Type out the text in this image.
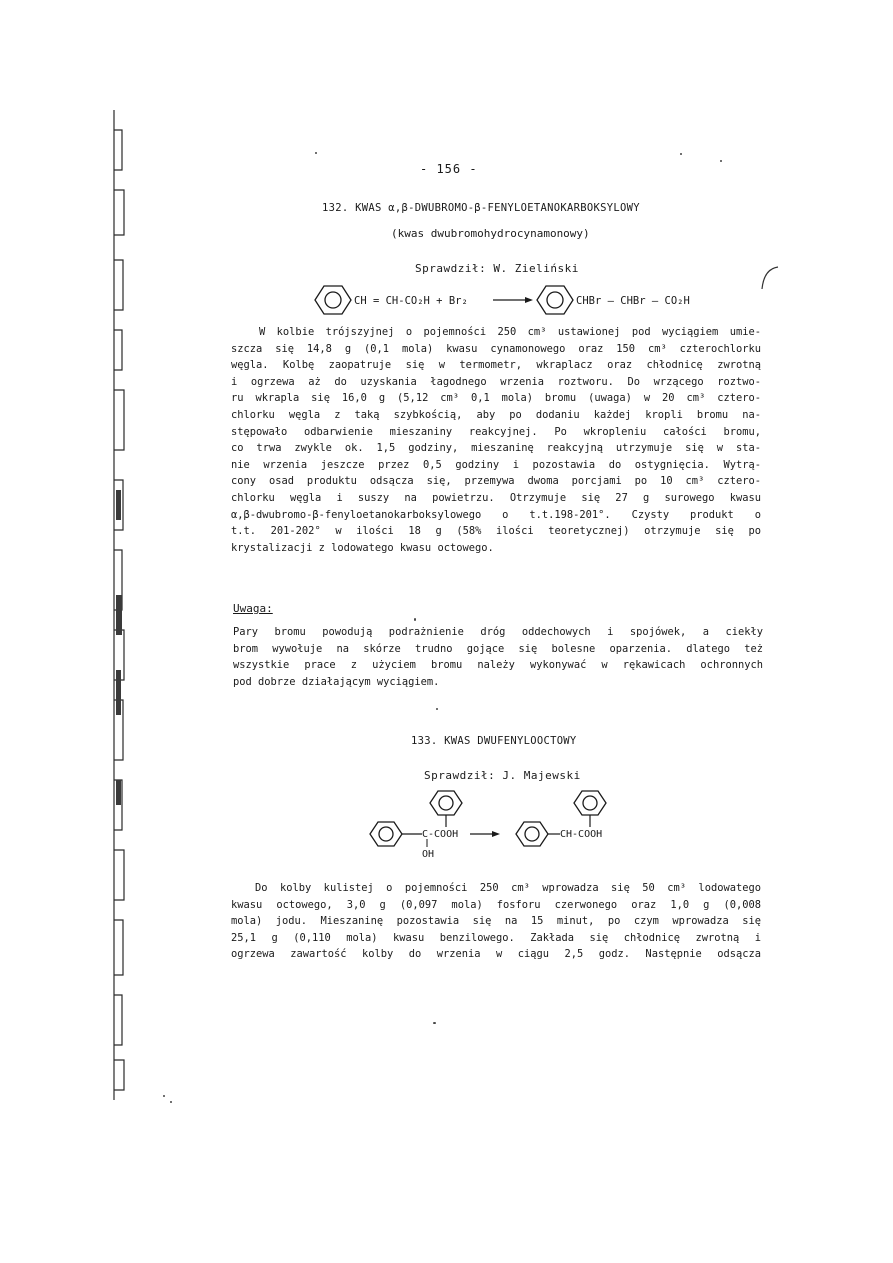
- 156 -
132. KWAS α,β-DWUBROMO-β-FENYLOETANOKARBOKSYLOWY
(kwas dwubromohydrocynamonowy)
Sprawdził: W. Zieliński
CH = CH-CO₂H + Br₂	CHBr — CHBr — CO₂H
W kolbie trójszyjnej o pojemności 250 cm³ ustawionej pod wyciągiem umie-
szcza się 14,8 g (0,1 mola) kwasu cynamonowego oraz 150 cm³ czterochlorku
węgla. Kolbę zaopatruje się w termometr, wkraplacz oraz chłodnicę zwrotną
i ogrzewa aż do uzyskania łagodnego wrzenia roztworu. Do wrzącego roztwo-
ru wkrapla się 16,0 g (5,12 cm³ 0,1 mola) bromu (uwaga) w 20 cm³ cztero-
chlorku węgla z taką szybkością, aby po dodaniu każdej kropli bromu na-
stępowało odbarwienie mieszaniny reakcyjnej. Po wkropleniu całości bromu,
co trwa zwykle ok. 1,5 godziny, mieszaninę reakcyjną utrzymuje się w sta-
nie wrzenia jeszcze przez 0,5 godziny i pozostawia do ostygnięcia. Wytrą-
cony osad produktu odsącza się, przemywa dwoma porcjami po 10 cm³ cztero-
chlorku węgla i suszy na powietrzu. Otrzymuje się 27 g surowego kwasu
α,β-dwubromo-β-fenyloetanokarboksylowego o t.t.198-201°. Czysty produkt o
t.t. 201-202° w ilości 18 g (58% ilości teoretycznej) otrzymuje się po
krystalizacji z lodowatego kwasu octowego.
Uwaga:
Pary bromu powodują podrażnienie dróg oddechowych i spojówek, a ciekły
brom wywołuje na skórze trudno gojące się bolesne oparzenia. dlatego też
wszystkie prace z użyciem bromu należy wykonywać w rękawicach ochronnych
pod dobrze działającym wyciągiem.
133. KWAS DWUFENYLOOCTOWY
Sprawdził: J. Majewski
C-COOH
OH
CH-COOH
Do kolby kulistej o pojemności 250 cm³ wprowadza się 50 cm³ lodowatego
kwasu octowego, 3,0 g (0,097 mola) fosforu czerwonego oraz 1,0 g (0,008
mola) jodu. Mieszaninę pozostawia się na 15 minut, po czym wprowadza się
25,1 g (0,110 mola) kwasu benzilowego. Zakłada się chłodnicę zwrotną i
ogrzewa zawartość kolby do wrzenia w ciągu 2,5 godz. Następnie odsącza
